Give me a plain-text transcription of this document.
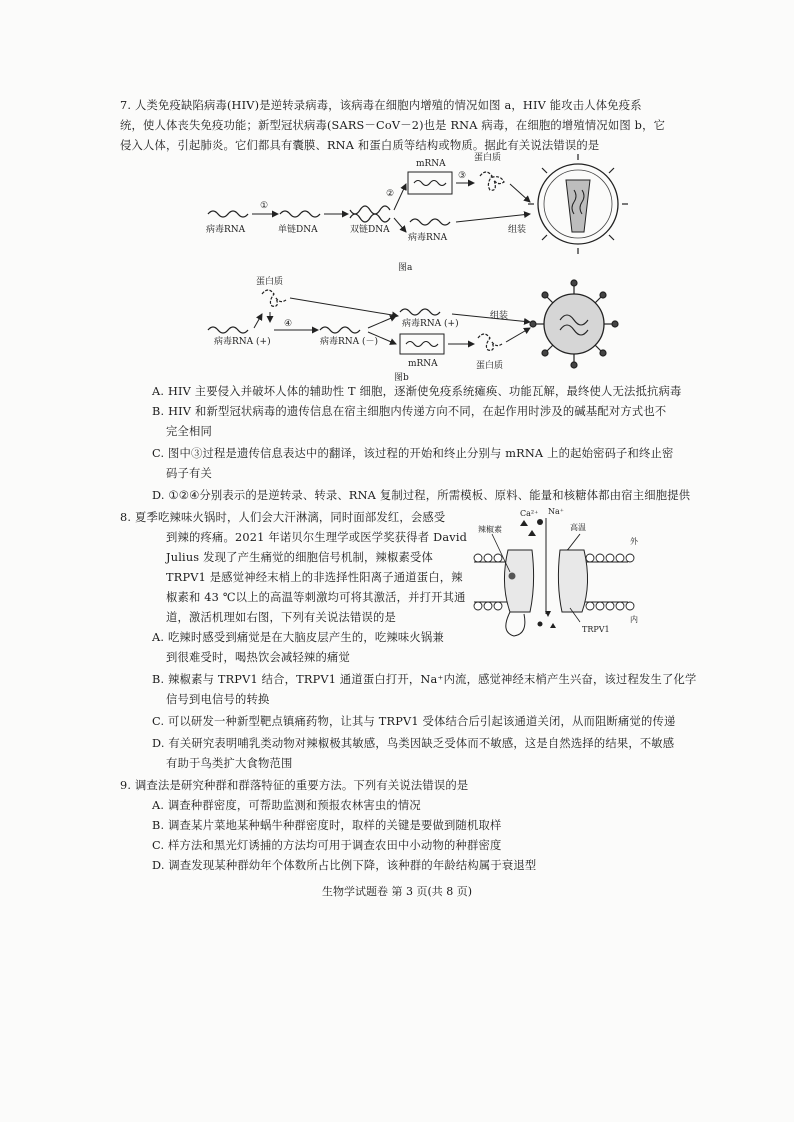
7. 人类免疫缺陷病毒(HIV)是逆转录病毒，该病毒在细胞内增殖的情况如图 a，HIV 能攻击人体免疫系
统，使人体丧失免疫功能；新型冠状病毒(SARS－CoV－2)也是 RNA 病毒，在细胞的增殖情况如图 b，它
侵入人体，引起肺炎。它们都具有囊膜、RNA 和蛋白质等结构或物质。据此有关说法错误的是
病毒RNA
①
单链DNA	双链DNA
②
mRNA
病毒RNA
③
蛋白质
组装
图a
蛋白质
病毒RNA (+)
④
病毒RNA (－)
病毒RNA (+)
mRNA	蛋白质
组装
图b
A. HIV 主要侵入并破坏人体的辅助性 T 细胞，逐渐使免疫系统瘫痪、功能瓦解，最终使人无法抵抗病毒
B. HIV 和新型冠状病毒的遗传信息在宿主细胞内传递方向不同，在起作用时涉及的碱基配对方式也不
完全相同
C. 图中③过程是遗传信息表达中的翻译，该过程的开始和终止分别与 mRNA 上的起始密码子和终止密
码子有关
D. ①②④分别表示的是逆转录、转录、RNA 复制过程，所需模板、原料、能量和核糖体都由宿主细胞提供
8. 夏季吃辣味火锅时，人们会大汗淋漓，同时面部发红，会感受
到辣的疼痛。2021 年诺贝尔生理学或医学奖获得者 David
Julius 发现了产生痛觉的细胞信号机制，辣椒素受体
TRPV1 是感觉神经末梢上的非选择性阳离子通道蛋白，辣
椒素和 43 ℃以上的高温等刺激均可将其激活，并打开其通
道，激活机理如右图，下列有关说法错误的是
Ca²⁺ Na⁺
辣椒素	高温
外
内
TRPV1
A. 吃辣时感受到痛觉是在大脑皮层产生的，吃辣味火锅兼
到很难受时，喝热饮会减轻辣的痛觉
B. 辣椒素与 TRPV1 结合，TRPV1 通道蛋白打开，Na⁺内流，感觉神经末梢产生兴奋，该过程发生了化学
信号到电信号的转换
C. 可以研发一种新型靶点镇痛药物，让其与 TRPV1 受体结合后引起该通道关闭，从而阻断痛觉的传递
D. 有关研究表明哺乳类动物对辣椒极其敏感，鸟类因缺乏受体而不敏感，这是自然选择的结果，不敏感
有助于鸟类扩大食物范围
9. 调查法是研究种群和群落特征的重要方法。下列有关说法错误的是
A. 调查种群密度，可帮助监测和预报农林害虫的情况
B. 调查某片菜地某种蜗牛种群密度时，取样的关键是要做到随机取样
C. 样方法和黑光灯诱捕的方法均可用于调查农田中小动物的种群密度
D. 调查发现某种群幼年个体数所占比例下降，该种群的年龄结构属于衰退型
生物学试题卷 第 3 页(共 8 页)
